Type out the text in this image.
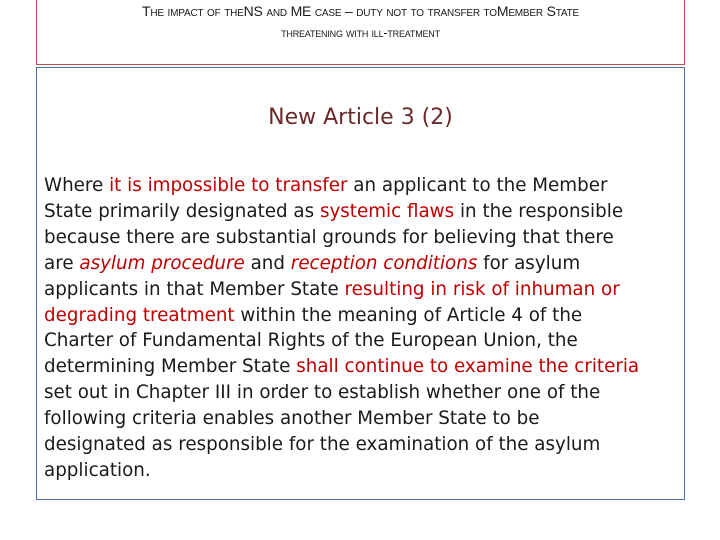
The impact of theNS and ME case – duty not to transfer toMember State
threatening with ill-treatment
New Article 3 (2)
Where it is impossible to transfer an applicant to the Member
State primarily designated as systemic flaws in the responsible
because there are substantial grounds for believing that there
are asylum procedure and reception conditions for asylum
applicants in that Member State resulting in risk of inhuman or
degrading treatment within the meaning of Article 4 of the
Charter of Fundamental Rights of the European Union, the
determining Member State shall continue to examine the criteria
set out in Chapter III in order to establish whether one of the
following criteria enables another Member State to be
designated as responsible for the examination of the asylum
application.
